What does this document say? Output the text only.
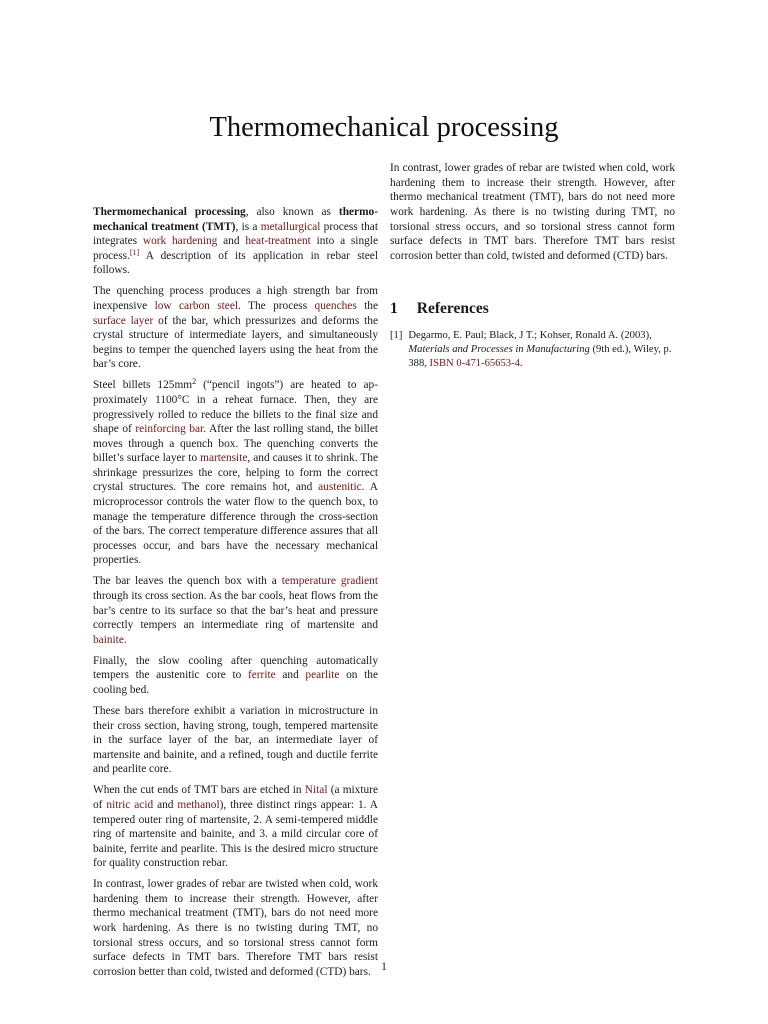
Thermomechanical processing

Thermomechanical processing, also known as thermomechanical treatment (TMT), is a metallurgical process that integrates work hardening and heat-treatment into a single process.[1] A description of its application in rebar steel follows.

The quenching process produces a high strength bar from inexpensive low carbon steel. The process quenches the surface layer of the bar, which pressurizes and deforms the crystal structure of intermediate layers, and simultaneously begins to temper the quenched layers using the heat from the bar’s core.

Steel billets $125mm^2$ (“pencil ingots”) are heated to approximately 1100°C in a reheat furnace. Then, they are progressively rolled to reduce the billets to the final size and shape of reinforcing bar. After the last rolling stand, the billet moves through a quench box. The quenching converts the billet’s surface layer to martensite, and causes it to shrink. The shrinkage pressurizes the core, helping to form the correct crystal structures. The core remains hot, and austenitic. A microprocessor controls the water flow to the quench box, to manage the temperature difference through the cross-section of the bars. The correct temperature difference assures that all processes occur, and bars have the necessary mechanical properties.

The bar leaves the quench box with a temperature gradient through its cross section. As the bar cools, heat flows from the bar’s centre to its surface so that the bar’s heat and pressure correctly tempers an intermediate ring of martensite and bainite.

Finally, the slow cooling after quenching automatically tempers the austenitic core to ferrite and pearlite on the cooling bed.

These bars therefore exhibit a variation in microstructure in their cross section, having strong, tough, tempered martensite in the surface layer of the bar, an intermediate layer of martensite and bainite, and a refined, tough and ductile ferrite and pearlite core.

When the cut ends of TMT bars are etched in Nital (a mixture of nitric acid and methanol), three distinct rings appear: 1. A tempered outer ring of martensite, 2. A semi-tempered middle ring of martensite and bainite, and 3. a mild circular core of bainite, ferrite and pearlite. This is the desired micro structure for quality construction rebar.

In contrast, lower grades of rebar are twisted when cold, work hardening them to increase their strength. However, after thermo mechanical treatment (TMT), bars do not need more work hardening. As there is no twisting during TMT, no torsional stress occurs, and so torsional stress cannot form surface defects in TMT bars. Therefore TMT bars resist corrosion better than cold, twisted and deformed (CTD) bars.

In contrast, lower grades of rebar are twisted when cold, work hardening them to increase their strength. However, after thermo mechanical treatment (TMT), bars do not need more work hardening. As there is no twisting during TMT, no torsional stress occurs, and so torsional stress cannot form surface defects in TMT bars. Therefore TMT bars resist corrosion better than cold, twisted and deformed (CTD) bars.

1 References
[1] Degarmo, E. Paul; Black, J T.; Kohser, Ronald A. (2003), Materials and Processes in Manufacturing (9th ed.), Wiley, p. 388, ISBN 0-471-65653-4.
1
